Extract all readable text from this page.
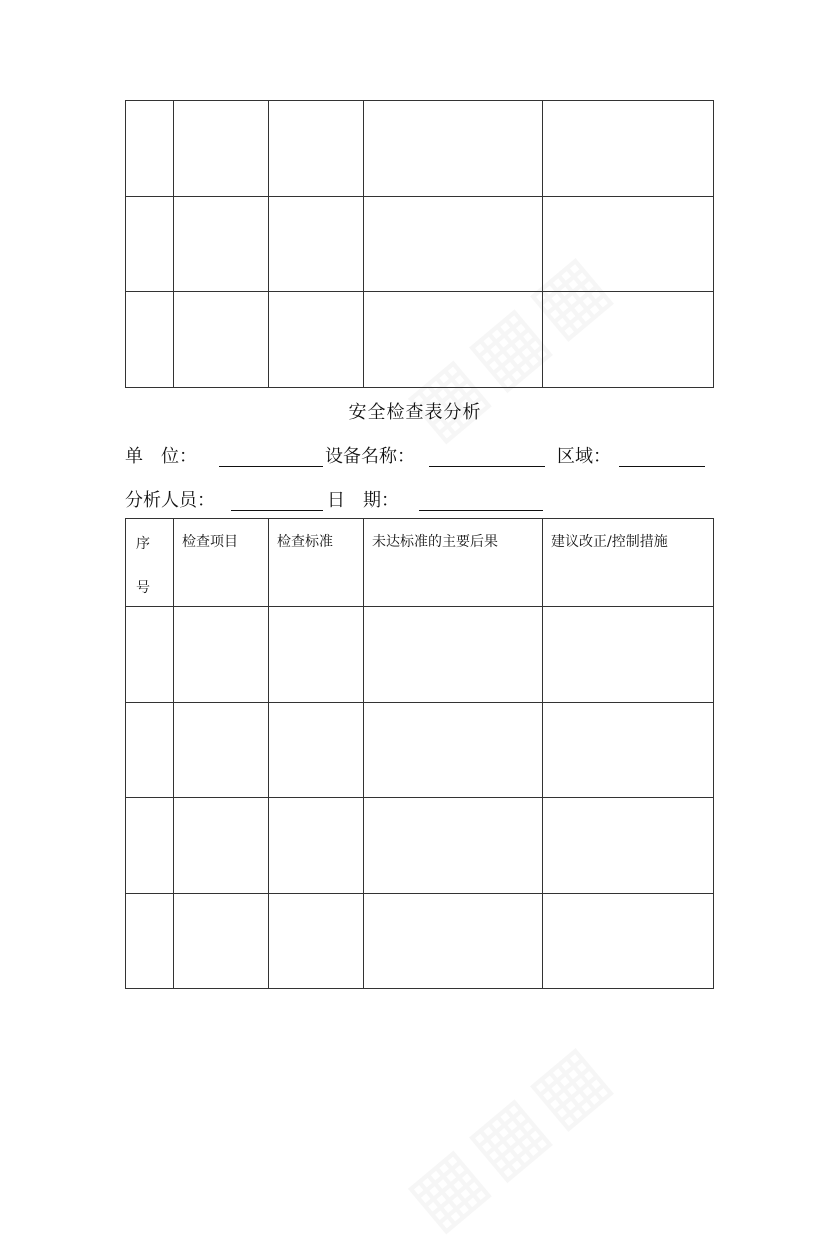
安全检查表分析
单　位：	设备名称：	区域：
分析人员：	日　期：
序
号	检查项目	检查标准	未达标准的主要后果	建议改正/控制措施
